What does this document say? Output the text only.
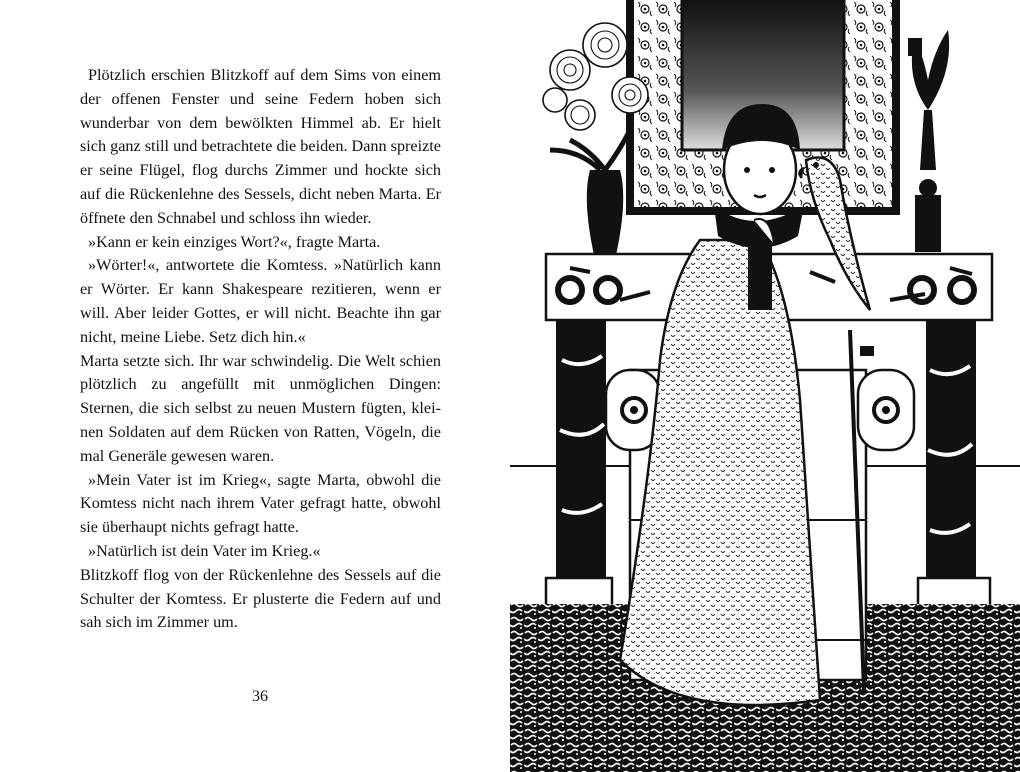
Plötzlich erschien Blitzkoff auf dem Sims von einem der offenen Fenster und seine Federn hoben sich wunderbar von dem bewölkten Himmel ab. Er hielt sich ganz still und betrachtete die beiden. Dann spreizte er seine Flügel, flog durchs Zimmer und hockte sich auf die Rückenlehne des Sessels, dicht neben Marta. Er öffnete den Schnabel und schloss ihn wieder.

»Kann er kein einziges Wort?«, fragte Marta.

»Wörter!«, antwortete die Komtess. »Natürlich kann er Wörter. Er kann Shakespeare rezitieren, wenn er will. Aber leider Gottes, er will nicht. Beachte ihn gar nicht, meine Liebe. Setz dich hin.«

Marta setzte sich. Ihr war schwindelig. Die Welt schien plötzlich zu angefüllt mit unmöglichen Dingen: Sternen, die sich selbst zu neuen Mustern fügten, kleinen Soldaten auf dem Rücken von Ratten, Vögeln, die mal Generäle gewesen waren.

»Mein Vater ist im Krieg«, sagte Marta, obwohl die Komtess nicht nach ihrem Vater gefragt hatte, obwohl sie überhaupt nichts gefragt hatte.

»Natürlich ist dein Vater im Krieg.«

Blitzkoff flog von der Rückenlehne des Sessels auf die Schulter der Komtess. Er plusterte die Federn auf und sah sich im Zimmer um.

36
